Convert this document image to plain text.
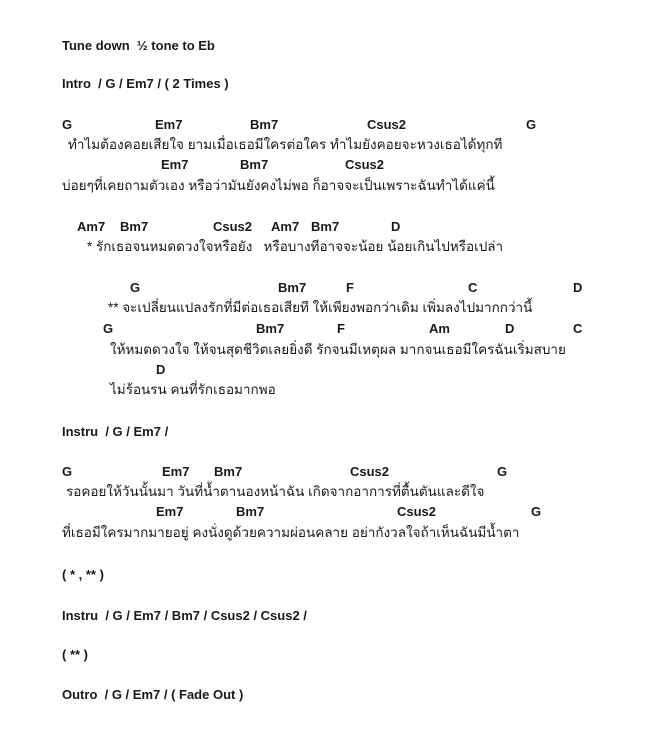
Tune down  ½ tone to Eb
Intro  / G / Em7 / ( 2 Times )
G	Em7	Bm7	Csus2	G
ทำไมต้องคอยเสียใจ ยามเมื่อเธอมีใครต่อใคร ทำไมยังคอยจะหวงเธอได้ทุกที
Em7	Bm7	Csus2
บ่อยๆที่เคยถามตัวเอง หรือว่ามันยังคงไม่พอ ก็อาจจะเป็นเพราะฉันทำได้แค่นี้
Am7 Bm7	Csus2 Am7 Bm7	D
* รักเธอจนหมดดวงใจหรือยัง   หรือบางทีอาจจะน้อย น้อยเกินไปหรือเปล่า
G	Bm7	F	C	D
** จะเปลี่ยนแปลงรักที่มีต่อเธอเสียที ให้เพียงพอกว่าเดิม เพิ่มลงไปมากกว่านี้
G	Bm7	F	Am	D	C
ให้หมดดวงใจ ให้จนสุดชีวิตเลยยิ่งดี รักจนมีเหตุผล มากจนเธอมีใครฉันเริ่มสบาย
D
ไม่ร้อนรน คนที่รักเธอมากพอ
Instru  / G / Em7 /
G	Em7 Bm7	Csus2	G
รอคอยให้วันนั้นมา วันที่น้ำตานองหน้าฉัน เกิดจากอาการที่ตื้นตันและดีใจ
Em7	Bm7	Csus2	G
ที่เธอมีใครมากมายอยู่ คงนั่งดูด้วยความผ่อนคลาย อย่ากังวลใจถ้าเห็นฉันมีน้ำตา
( * , ** )
Instru  / G / Em7 / Bm7 / Csus2 / Csus2 /
( ** )
Outro  / G / Em7 / ( Fade Out )
